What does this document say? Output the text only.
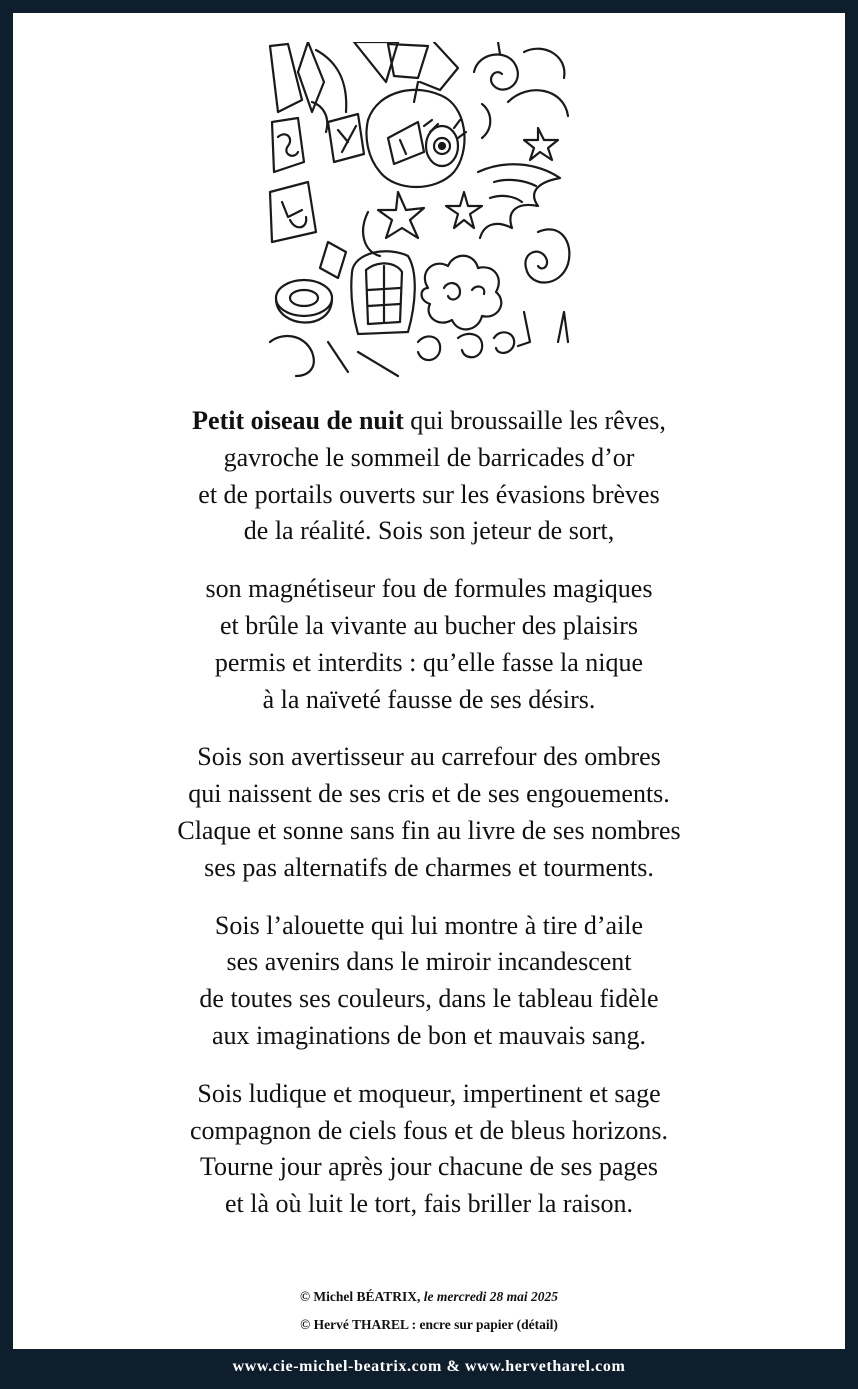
Petit oiseau de nuit qui broussaille les rêves,
gavroche le sommeil de barricades d’or
et de portails ouverts sur les évasions brèves
de la réalité. Sois son jeteur de sort,
son magnétiseur fou de formules magiques
et brûle la vivante au bucher des plaisirs
permis et interdits : qu’elle fasse la nique
à la naïveté fausse de ses désirs.
Sois son avertisseur au carrefour des ombres
qui naissent de ses cris et de ses engouements.
Claque et sonne sans fin au livre de ses nombres
ses pas alternatifs de charmes et tourments.
Sois l’alouette qui lui montre à tire d’aile
ses avenirs dans le miroir incandescent
de toutes ses couleurs, dans le tableau fidèle
aux imaginations de bon et mauvais sang.
Sois ludique et moqueur, impertinent et sage
compagnon de ciels fous et de bleus horizons.
Tourne jour après jour chacune de ses pages
et là où luit le tort, fais briller la raison.
© Michel BÉATRIX, le mercredi 28 mai 2025
© Hervé THAREL : encre sur papier (détail)
www.cie-michel-beatrix.com & www.hervetharel.com
